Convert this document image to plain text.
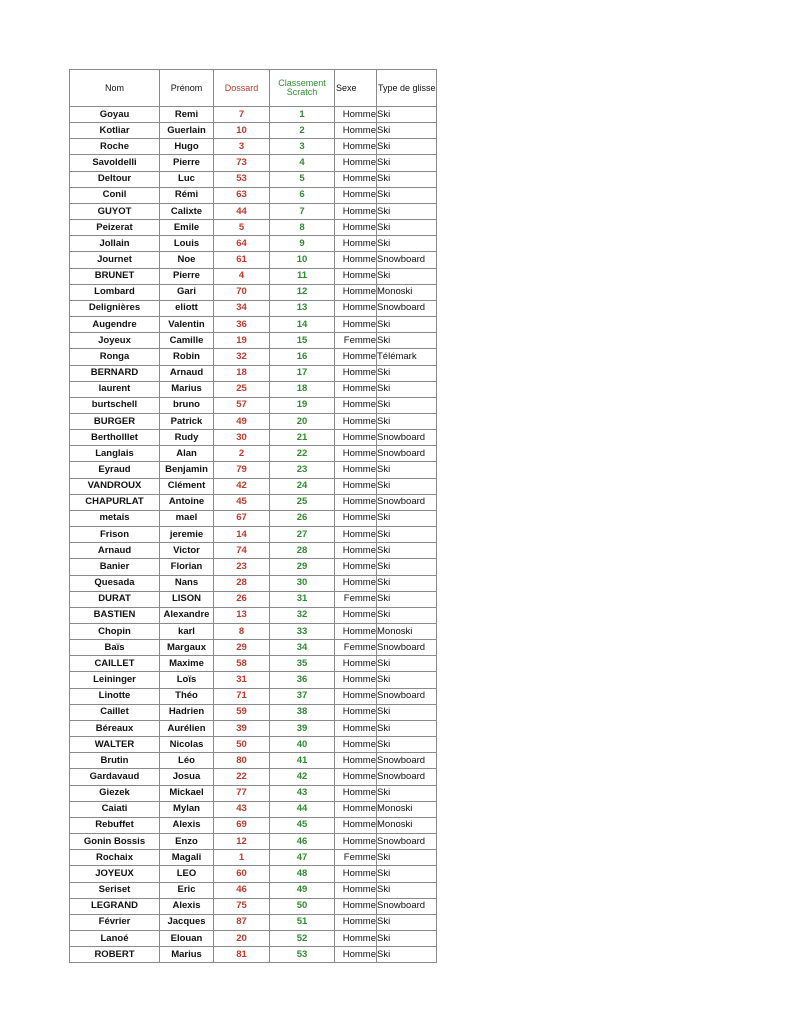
Nom	Prénom	Dossard	Classement Scratch	Sexe	Type de glisse
Goyau	Remi	7	1	Homme	Ski
Kotliar	Guerlain	10	2	Homme	Ski
Roche	Hugo	3	3	Homme	Ski
Savoldelli	Pierre	73	4	Homme	Ski
Deltour	Luc	53	5	Homme	Ski
Conil	Rémi	63	6	Homme	Ski
GUYOT	Calixte	44	7	Homme	Ski
Peizerat	Emile	5	8	Homme	Ski
Jollain	Louis	64	9	Homme	Ski
Journet	Noe	61	10	Homme	Snowboard
BRUNET	Pierre	4	11	Homme	Ski
Lombard	Gari	70	12	Homme	Monoski
Delignières	eliott	34	13	Homme	Snowboard
Augendre	Valentin	36	14	Homme	Ski
Joyeux	Camille	19	15	Femme	Ski
Ronga	Robin	32	16	Homme	Télémark
BERNARD	Arnaud	18	17	Homme	Ski
laurent	Marius	25	18	Homme	Ski
burtschell	bruno	57	19	Homme	Ski
BURGER	Patrick	49	20	Homme	Ski
Bertholllet	Rudy	30	21	Homme	Snowboard
Langlais	Alan	2	22	Homme	Snowboard
Eyraud	Benjamin	79	23	Homme	Ski
VANDROUX	Clément	42	24	Homme	Ski
CHAPURLAT	Antoine	45	25	Homme	Snowboard
metais	mael	67	26	Homme	Ski
Frison	jeremie	14	27	Homme	Ski
Arnaud	Victor	74	28	Homme	Ski
Banier	Florian	23	29	Homme	Ski
Quesada	Nans	28	30	Homme	Ski
DURAT	LISON	26	31	Femme	Ski
BASTIEN	Alexandre	13	32	Homme	Ski
Chopin	karl	8	33	Homme	Monoski
Baïs	Margaux	29	34	Femme	Snowboard
CAILLET	Maxime	58	35	Homme	Ski
Leininger	Loïs	31	36	Homme	Ski
Linotte	Théo	71	37	Homme	Snowboard
Caillet	Hadrien	59	38	Homme	Ski
Béreaux	Aurélien	39	39	Homme	Ski
WALTER	Nicolas	50	40	Homme	Ski
Brutin	Léo	80	41	Homme	Snowboard
Gardavaud	Josua	22	42	Homme	Snowboard
Giezek	Mickael	77	43	Homme	Ski
Caiati	Mylan	43	44	Homme	Monoski
Rebuffet	Alexis	69	45	Homme	Monoski
Gonin Bossis	Enzo	12	46	Homme	Snowboard
Rochaix	Magali	1	47	Femme	Ski
JOYEUX	LEO	60	48	Homme	Ski
Seriset	Eric	46	49	Homme	Ski
LEGRAND	Alexis	75	50	Homme	Snowboard
Février	Jacques	87	51	Homme	Ski
Lanoé	Elouan	20	52	Homme	Ski
ROBERT	Marius	81	53	Homme	Ski
